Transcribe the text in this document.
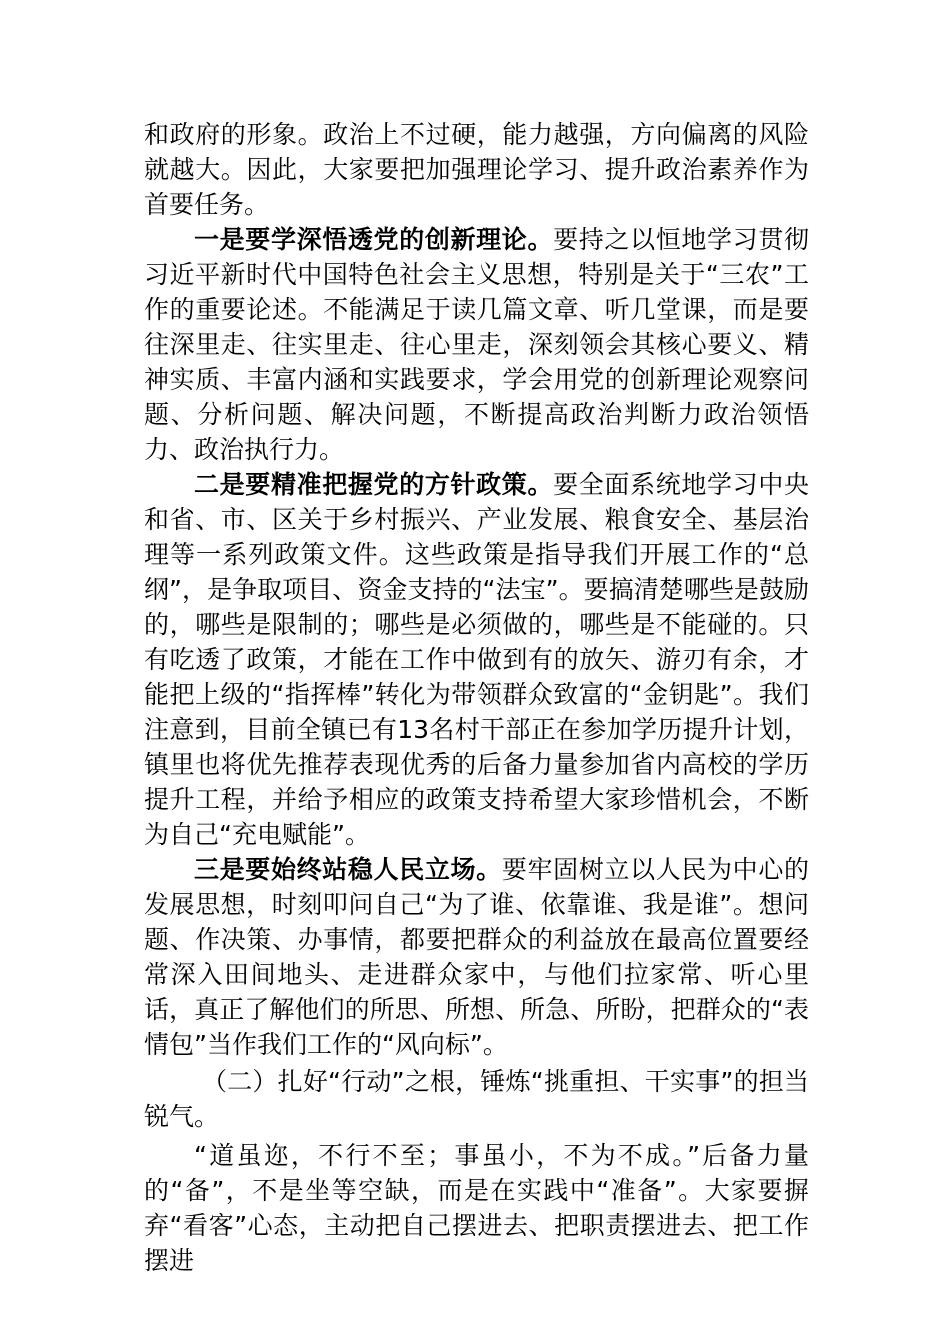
和政府的形象。政治上不过硬，能力越强，方向偏离的风险就越大。因此，大家要把加强理论学习、提升政治素养作为首要任务。

一是要学深悟透党的创新理论。要持之以恒地学习贯彻习近平新时代中国特色社会主义思想，特别是关于“三农”工作的重要论述。不能满足于读几篇文章、听几堂课，而是要往深里走、往实里走、往心里走，深刻领会其核心要义、精神实质、丰富内涵和实践要求，学会用党的创新理论观察问题、分析问题、解决问题，不断提高政治判断力政治领悟力、政治执行力。

二是要精准把握党的方针政策。要全面系统地学习中央和省、市、区关于乡村振兴、产业发展、粮食安全、基层治理等一系列政策文件。这些政策是指导我们开展工作的“总纲”，是争取项目、资金支持的“法宝”。要搞清楚哪些是鼓励的，哪些是限制的；哪些是必须做的，哪些是不能碰的。只有吃透了政策，才能在工作中做到有的放矢、游刃有余，才能把上级的“指挥棒”转化为带领群众致富的“金钥匙”。我们注意到，目前全镇已有13名村干部正在参加学历提升计划，镇里也将优先推荐表现优秀的后备力量参加省内高校的学历提升工程，并给予相应的政策支持希望大家珍惜机会，不断为自己“充电赋能”。

三是要始终站稳人民立场。要牢固树立以人民为中心的发展思想，时刻叩问自己“为了谁、依靠谁、我是谁”。想问题、作决策、办事情，都要把群众的利益放在最高位置要经常深入田间地头、走进群众家中，与他们拉家常、听心里话，真正了解他们的所思、所想、所急、所盼，把群众的“表情包”当作我们工作的“风向标”。

（二）扎好“行动”之根，锤炼“挑重担、干实事”的担当锐气。

“道虽迩，不行不至；事虽小，不为不成。”后备力量的“备”，不是坐等空缺，而是在实践中“准备”。大家要摒弃“看客”心态，主动把自己摆进去、把职责摆进去、把工作摆进
